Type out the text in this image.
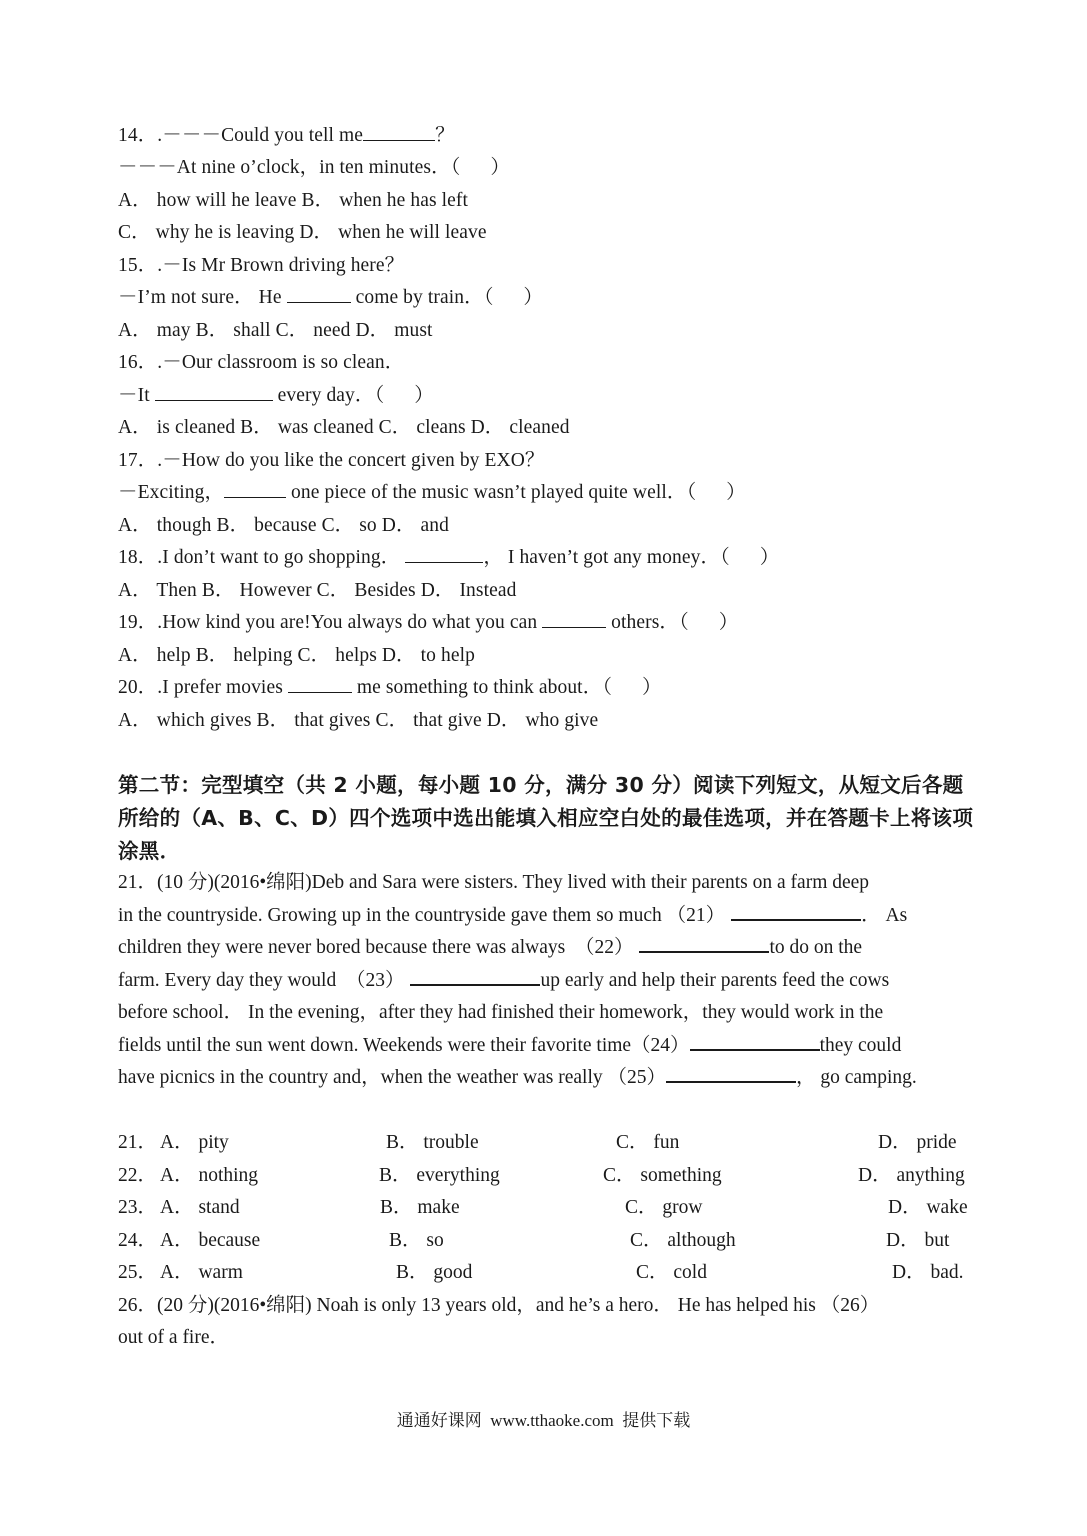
14．.－－－Could you tell me	？
－－－At nine o’clock，in ten minutes．（      ）
A． how will he leave B． when he has left
C． why he is leaving D． when he will leave
15．.－Is Mr Brown driving here？
－I’m not sure． He	come by train．（      ）
A． may B． shall C． need D． must
16．.－Our classroom is so clean．
－It	every day．（      ）
A． is cleaned B． was cleaned C． cleans D． cleaned
17．.－How do you like the concert given by EXO？
－Exciting，	one piece of the music wasn’t played quite well．（      ）
A． though B． because C． so D． and
18．.I don’t want to go shopping．	， I haven’t got any money．（      ）
A． Then B． However C． Besides D． Instead
19．.How kind you are!You always do what you can	others．（      ）
A． help B． helping C． helps D． to help
20．.I prefer movies	me something to think about．（      ）
A． which gives B． that gives C． that give D． who give
第二节：完型填空（共 2 小题，每小题 10 分，满分 30 分）阅读下列短文，从短文后各题所给的（A、B、C、D）四个选项中选出能填入相应空白处的最佳选项，并在答题卡上将该项涂黑．
21．(10 分)(2016•绵阳)Deb and Sara were sisters. They lived with their parents on a farm deep
in the countryside. Growing up in the countryside gave them so much （21）	． As
children they were never bored because there was always  （22）	to do on the
farm. Every day they would  （23）	up early and help their parents feed the cows
before school． In the evening，after they had finished their homework，they would work in the
fields until the sun went down. Weekends were their favorite time（24）	they could
have picnics in the country and，when the weather was really （25）	， go camping.
21． A． pity	B． trouble	C． fun	D． pride
22． A． nothing	B． everything	C． something	D． anything
23． A． stand	B． make	C． grow	D． wake
24． A． because	B． so	C． although	D． but
25． A． warm	B． good	C． cold	D． bad.
26．(20 分)(2016•绵阳) Noah is only 13 years old，and he’s a hero． He has helped his （26）
out of a fire．
通通好课网  www.tthaoke.com  提供下载
